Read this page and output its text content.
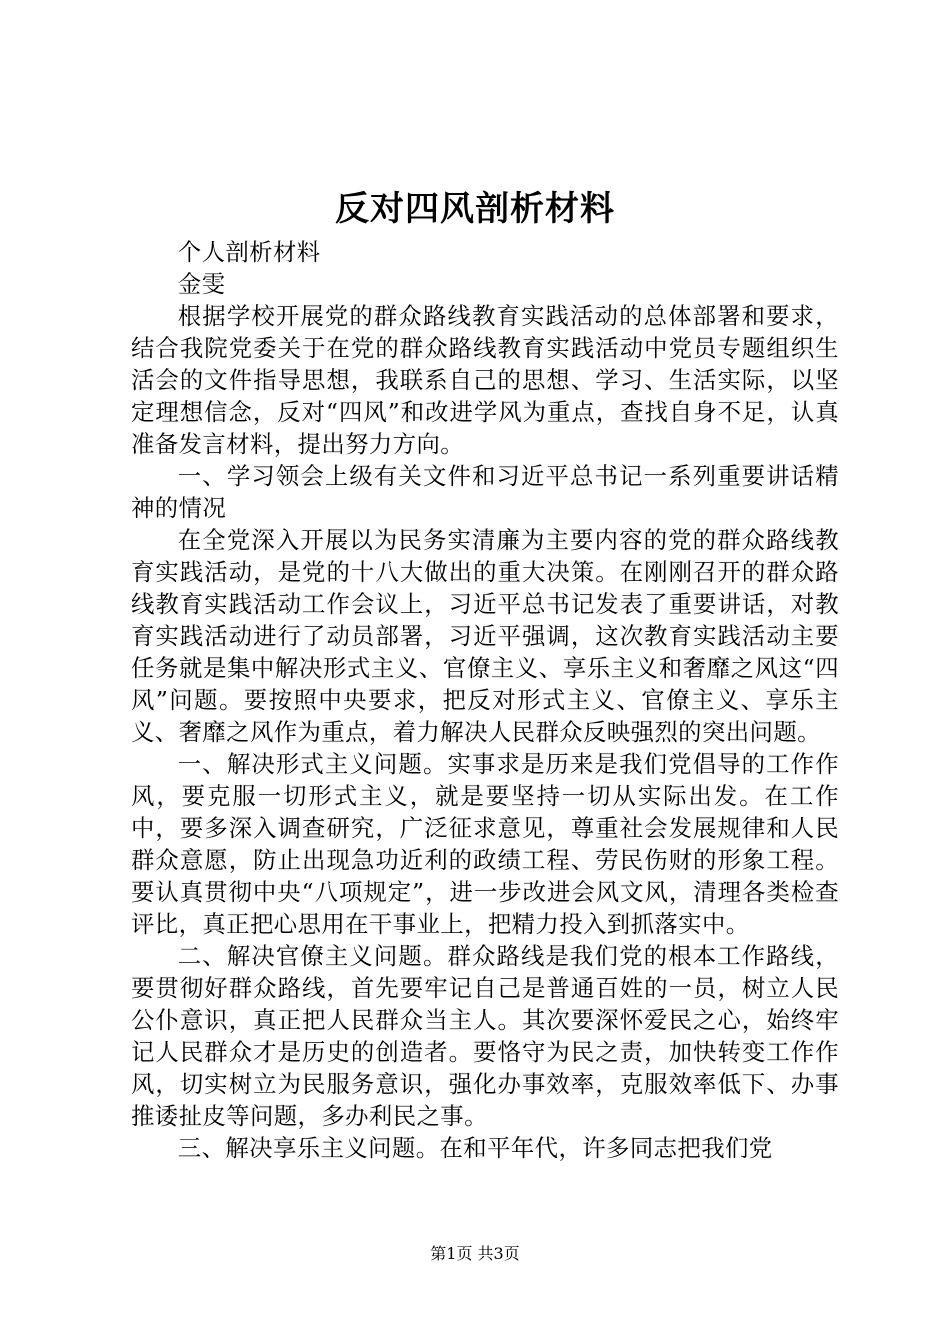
反对四风剖析材料

个人剖析材料

金雯

根据学校开展党的群众路线教育实践活动的总体部署和要求，结合我院党委关于在党的群众路线教育实践活动中党员专题组织生活会的文件指导思想，我联系自己的思想、学习、生活实际，以坚定理想信念，反对“四风”和改进学风为重点，查找自身不足，认真准备发言材料，提出努力方向。

一、学习领会上级有关文件和习近平总书记一系列重要讲话精神的情况

在全党深入开展以为民务实清廉为主要内容的党的群众路线教育实践活动，是党的十八大做出的重大决策。在刚刚召开的群众路线教育实践活动工作会议上，习近平总书记发表了重要讲话，对教育实践活动进行了动员部署，习近平强调，这次教育实践活动主要任务就是集中解决形式主义、官僚主义、享乐主义和奢靡之风这“四风”问题。要按照中央要求，把反对形式主义、官僚主义、享乐主义、奢靡之风作为重点，着力解决人民群众反映强烈的突出问题。

一、解决形式主义问题。实事求是历来是我们党倡导的工作作风，要克服一切形式主义，就是要坚持一切从实际出发。在工作中，要多深入调查研究，广泛征求意见，尊重社会发展规律和人民群众意愿，防止出现急功近利的政绩工程、劳民伤财的形象工程。要认真贯彻中央“八项规定”，进一步改进会风文风，清理各类检查评比，真正把心思用在干事业上，把精力投入到抓落实中。

二、解决官僚主义问题。群众路线是我们党的根本工作路线，要贯彻好群众路线，首先要牢记自己是普通百姓的一员，树立人民公仆意识，真正把人民群众当主人。其次要深怀爱民之心，始终牢记人民群众才是历史的创造者。要恪守为民之责，加快转变工作作风，切实树立为民服务意识，强化办事效率，克服效率低下、办事推诿扯皮等问题，多办利民之事。

三、解决享乐主义问题。在和平年代，许多同志把我们党

第1页 共3页
